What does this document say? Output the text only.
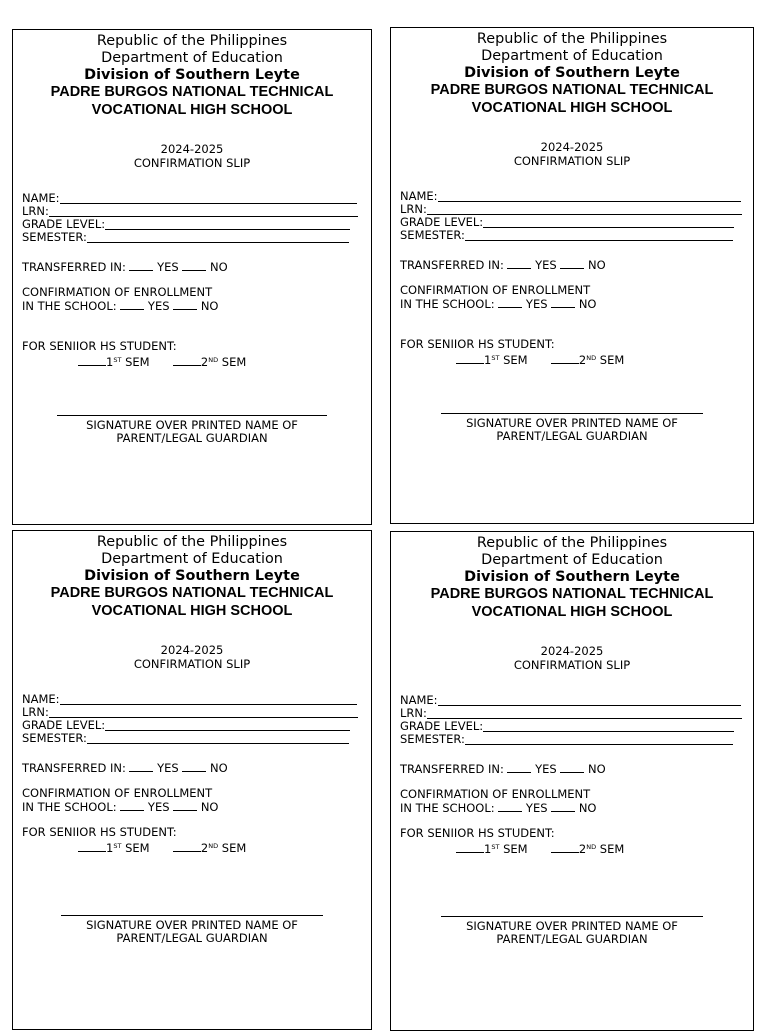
Republic of the Philippines
Department of Education
Division of Southern Leyte
PADRE BURGOS NATIONAL TECHNICAL
VOCATIONAL HIGH SCHOOL
2024-2025
CONFIRMATION SLIP
NAME:
LRN:
GRADE LEVEL:
SEMESTER:
TRANSFERRED IN:	YES	NO
CONFIRMATION OF ENROLLMENT
IN THE SCHOOL:	YES	NO
FOR SENIIOR HS STUDENT:
1ST SEM	2ND SEM
SIGNATURE OVER PRINTED NAME OF
PARENT/LEGAL GUARDIAN
Republic of the Philippines
Department of Education
Division of Southern Leyte
PADRE BURGOS NATIONAL TECHNICAL
VOCATIONAL HIGH SCHOOL
2024-2025
CONFIRMATION SLIP
NAME:
LRN:
GRADE LEVEL:
SEMESTER:
TRANSFERRED IN:	YES	NO
CONFIRMATION OF ENROLLMENT
IN THE SCHOOL:	YES	NO
FOR SENIIOR HS STUDENT:
1ST SEM	2ND SEM
SIGNATURE OVER PRINTED NAME OF
PARENT/LEGAL GUARDIAN
Republic of the Philippines
Department of Education
Division of Southern Leyte
PADRE BURGOS NATIONAL TECHNICAL
VOCATIONAL HIGH SCHOOL
2024-2025
CONFIRMATION SLIP
NAME:
LRN:
GRADE LEVEL:
SEMESTER:
TRANSFERRED IN:	YES	NO
CONFIRMATION OF ENROLLMENT
IN THE SCHOOL:	YES	NO
FOR SENIIOR HS STUDENT:
1ST SEM	2ND SEM
SIGNATURE OVER PRINTED NAME OF
PARENT/LEGAL GUARDIAN
Republic of the Philippines
Department of Education
Division of Southern Leyte
PADRE BURGOS NATIONAL TECHNICAL
VOCATIONAL HIGH SCHOOL
2024-2025
CONFIRMATION SLIP
NAME:
LRN:
GRADE LEVEL:
SEMESTER:
TRANSFERRED IN:	YES	NO
CONFIRMATION OF ENROLLMENT
IN THE SCHOOL:	YES	NO
FOR SENIIOR HS STUDENT:
1ST SEM	2ND SEM
SIGNATURE OVER PRINTED NAME OF
PARENT/LEGAL GUARDIAN
